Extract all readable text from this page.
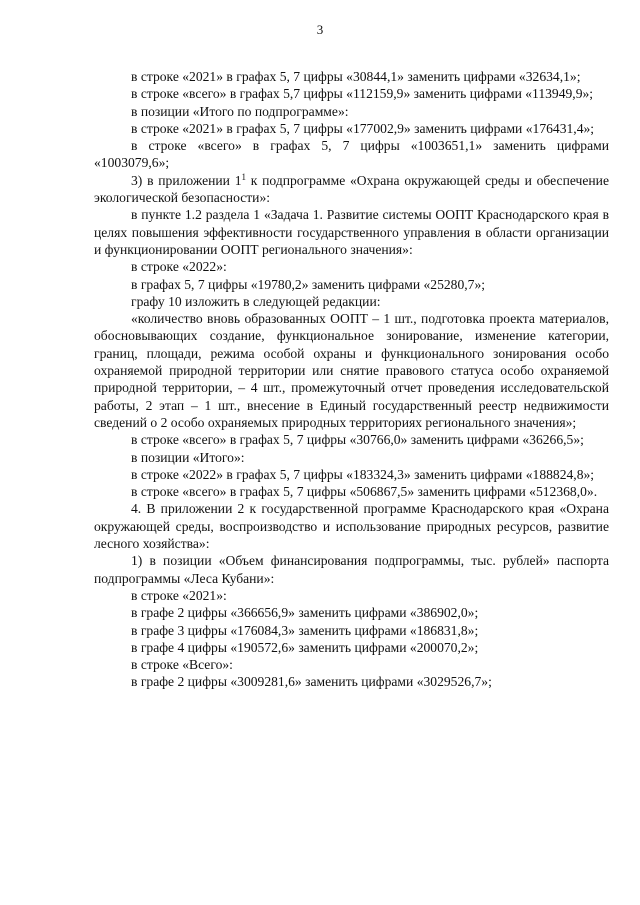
3

в строке «2021» в графах 5, 7 цифры «30844,1» заменить цифрами «32634,1»;

в строке «всего» в графах 5,7 цифры «112159,9» заменить цифрами «113949,9»;

в позиции «Итого по подпрограмме»:

в строке «2021» в графах 5, 7 цифры «177002,9» заменить цифрами «176431,4»;

в строке «всего» в графах 5, 7 цифры «1003651,1» заменить цифрами «1003079,6»;

3) в приложении $1^1$ к подпрограмме «Охрана окружающей среды и обеспечение экологической безопасности»:

в пункте 1.2 раздела 1 «Задача 1. Развитие системы ООПТ Краснодарского края в целях повышения эффективности государственного управления в области организации и функционировании ООПТ регионального значения»:

в строке «2022»:

в графах 5, 7 цифры «19780,2» заменить цифрами «25280,7»;

графу 10 изложить в следующей редакции:

«количество вновь образованных ООПТ – 1 шт., подготовка проекта материалов, обосновывающих создание, функциональное зонирование, изменение категории, границ, площади, режима особой охраны и функционального зонирования особо охраняемой природной территории или снятие правового статуса особо охраняемой природной территории, – 4 шт., промежуточный отчет проведения исследовательской работы, 2 этап – 1 шт., внесение в Единый государственный реестр недвижимости сведений о 2 особо охраняемых природных территориях регионального значения»;

в строке «всего» в графах 5, 7 цифры «30766,0» заменить цифрами «36266,5»;

в позиции «Итого»:

в строке «2022» в графах 5, 7 цифры «183324,3» заменить цифрами «188824,8»;

в строке «всего» в графах 5, 7 цифры «506867,5» заменить цифрами «512368,0».

4. В приложении 2 к государственной программе Краснодарского края «Охрана окружающей среды, воспроизводство и использование природных ресурсов, развитие лесного хозяйства»:

1) в позиции «Объем финансирования подпрограммы, тыс. рублей» паспорта подпрограммы «Леса Кубани»:

в строке «2021»:

в графе 2 цифры «366656,9» заменить цифрами «386902,0»;

в графе 3 цифры «176084,3» заменить цифрами «186831,8»;

в графе 4 цифры «190572,6» заменить цифрами «200070,2»;

в строке «Всего»:

в графе 2 цифры «3009281,6» заменить цифрами «3029526,7»;
